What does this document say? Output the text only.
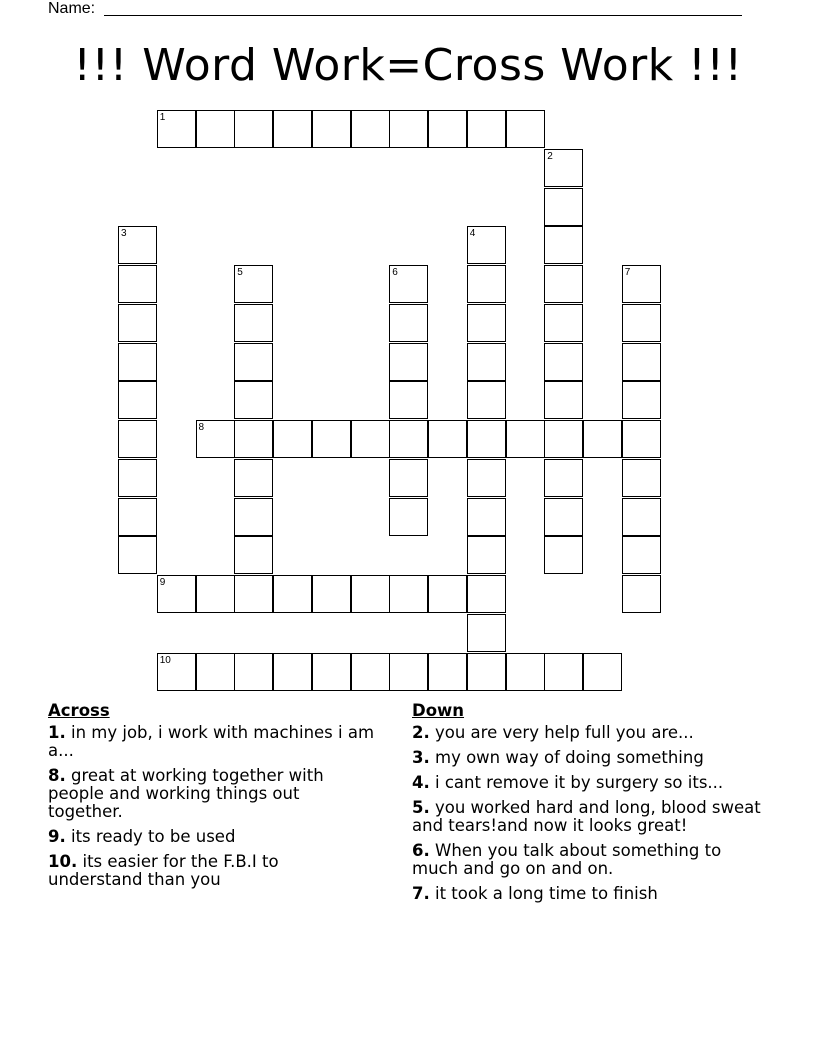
Name:
!!! Word Work=Cross Work !!!
1
2
3	4
5	6	7
8
9
10
Across
1. in my job, i work with machines i am a...
8. great at working together with people and working things out together.
9. its ready to be used
10. its easier for the F.B.I to understand than you
Down
2. you are very help full you are...
3. my own way of doing something
4. i cant remove it by surgery so its...
5. you worked hard and long, blood sweat and tears!and now it looks great!
6. When you talk about something to much and go on and on.
7. it took a long time to finish
